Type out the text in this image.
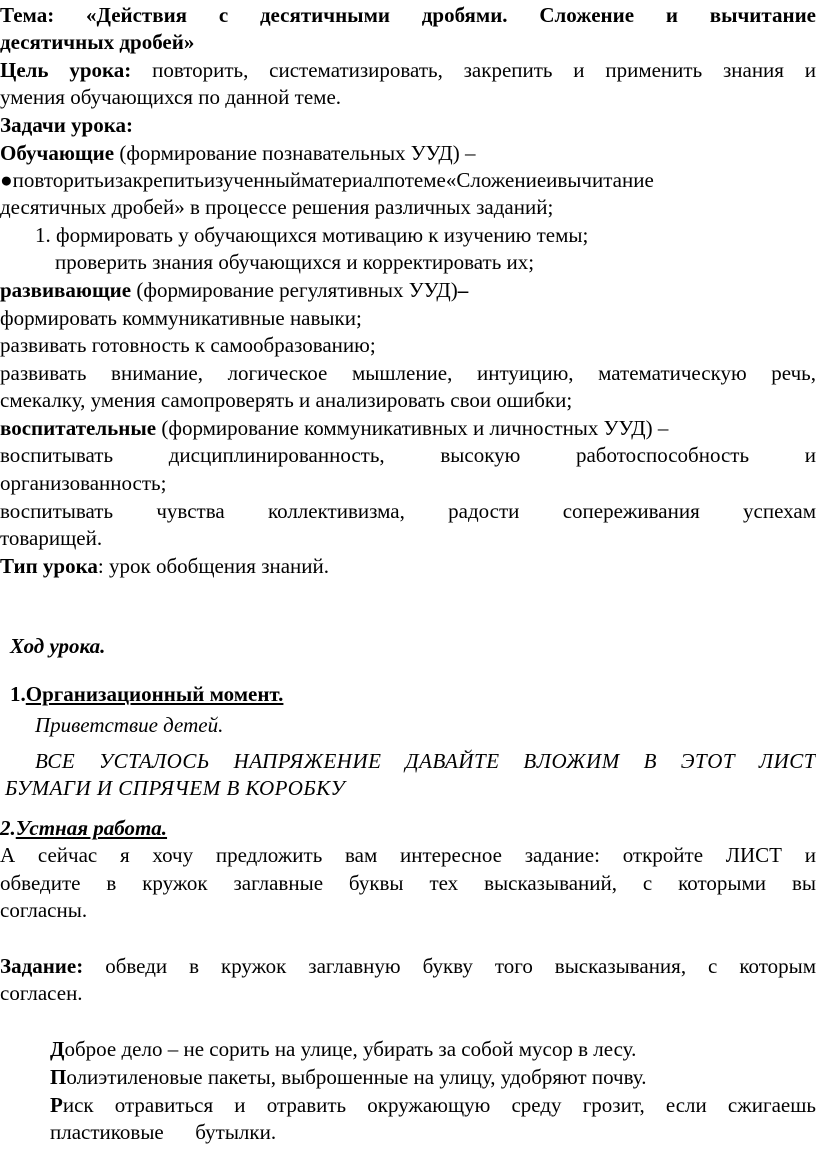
Тема: «Действия с десятичными дробями. Сложение и вычитание
десятичных дробей»
Цель урока: повторить, систематизировать, закрепить и применить знания и
умения обучающихся по данной теме.
Задачи урока:
Обучающие (формирование познавательных УУД) –
●повторитьизакрепитьизученныйматериалпотеме«Сложениеивычитание
десятичных дробей» в процессе решения различных заданий;
1. формировать у обучающихся мотивацию к изучению темы;
проверить знания обучающихся и корректировать их;
развивающие (формирование регулятивных УУД)–
формировать коммуникативные навыки;
развивать готовность к самообразованию;
развивать внимание, логическое мышление, интуицию, математическую речь,
смекалку, умения самопроверять и анализировать свои ошибки;
воспитательные (формирование коммуникативных и личностных УУД) –
воспитывать дисциплинированность, высокую работоспособность и
организованность;
воспитывать чувства коллективизма, радости сопереживания успехам
товарищей.
Тип урока: урок обобщения знаний.
Ход урока.
1.Организационный момент.
Приветствие детей.
ВСЕ УСТАЛОСЬ НАПРЯЖЕНИЕ ДАВАЙТЕ ВЛОЖИМ В ЭТОТ ЛИСТ
БУМАГИ И СПРЯЧЕМ В КОРОБКУ
2.Устная работа.
А сейчас я хочу предложить вам интересное задание: откройте ЛИСТ и
обведите в кружок заглавные буквы тех высказываний, с которыми вы
согласны.
Задание: обведи в кружок заглавную букву того высказывания, с которым
согласен.
Доброе дело – не сорить на улице, убирать за собой мусор в лесу.
Полиэтиленовые пакеты, выброшенные на улицу, удобряют почву.
Риск отравиться и отравить окружающую среду грозит, если сжигаешь
пластиковые      бутылки.
